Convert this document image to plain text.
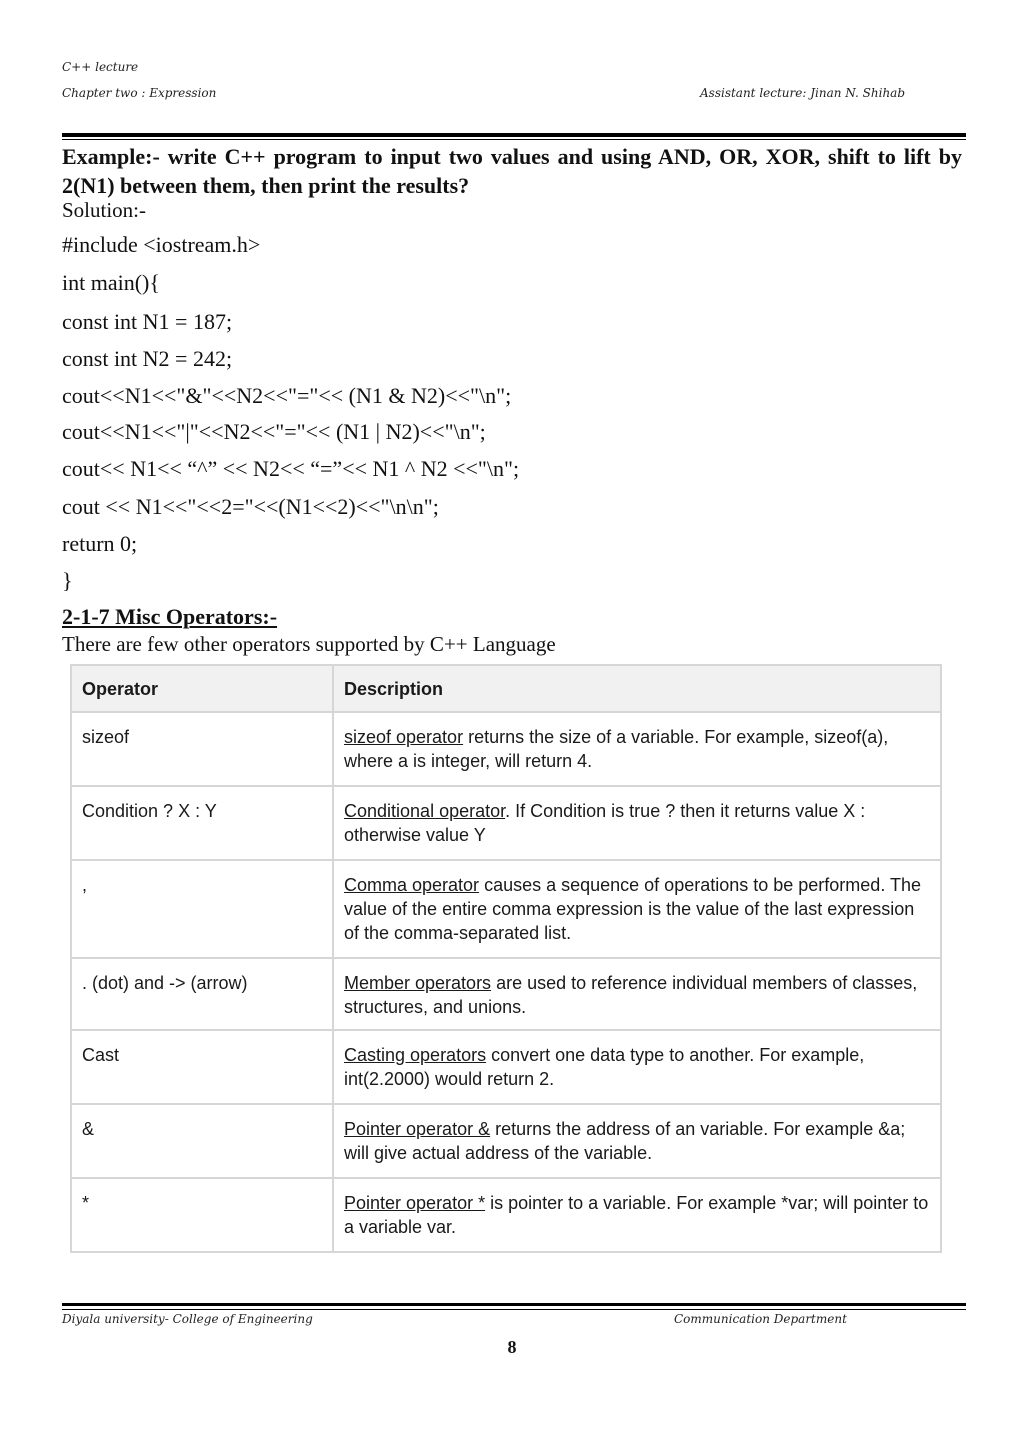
C++ lecture
Chapter two : Expression	Assistant lecture: Jinan N. Shihab
Example:- write C++ program to input two values and using AND, OR, XOR, shift to lift by 2(N1) between them, then print the results?
Solution:-
#include <iostream.h>
int main(){
const int N1 = 187;
const int N2 = 242;
cout<<N1<<"&"<<N2<<"="<< (N1 & N2)<<"\n";
cout<<N1<<"|"<<N2<<"="<< (N1 | N2)<<"\n";
cout<< N1<< “^” << N2<< “=”<< N1 ^ N2 <<"\n";
cout << N1<<"<<2="<<(N1<<2)<<"\n\n";
return 0;
}
2-1-7 Misc Operators:-
There are few other operators supported by C++ Language
Operator	Description
sizeof	sizeof operator returns the size of a variable. For example, sizeof(a), where a is integer, will return 4.
Condition ? X : Y	Conditional operator. If Condition is true ? then it returns value X : otherwise value Y
,	Comma operator causes a sequence of operations to be performed. The value of the entire comma expression is the value of the last expression of the comma-separated list.
. (dot) and -> (arrow)	Member operators are used to reference individual members of classes, structures, and unions.
Cast	Casting operators convert one data type to another. For example, int(2.2000) would return 2.
&	Pointer operator & returns the address of an variable. For example &a; will give actual address of the variable.
*	Pointer operator * is pointer to a variable. For example *var; will pointer to a variable var.
Diyala university- College of Engineering	Communication Department
8
